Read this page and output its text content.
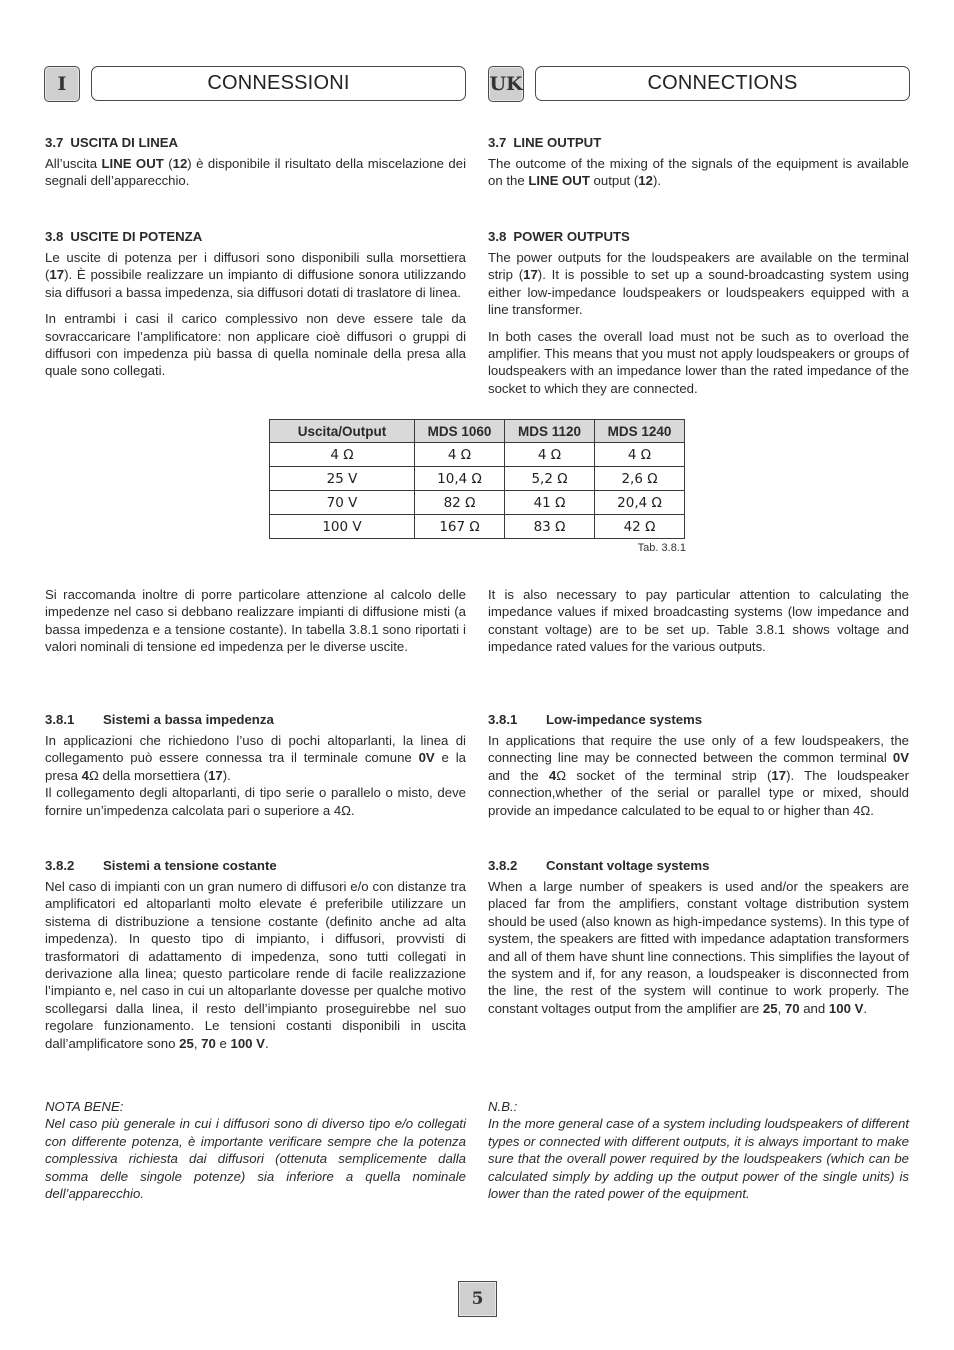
I	CONNESSIONI	UK	CONNECTIONS
3.7 USCITA DI LINEA

All’uscita LINE OUT (12) è disponibile il risultato della miscelazione dei segnali dell’apparecchio.

3.8 USCITE DI POTENZA

Le uscite di potenza per i diffusori sono disponibili sulla morsettiera (17). È possibile realizzare un impianto di diffusione sonora utilizzando sia diffusori a bassa impedenza, sia diffusori dotati di traslatore di linea.

In entrambi i casi il carico complessivo non deve essere tale da sovraccaricare l’amplificatore: non applicare cioè diffusori o gruppi di diffusori con impedenza più bassa di quella nominale della presa alla quale sono collegati.

Si raccomanda inoltre di porre particolare attenzione al calcolo delle impedenze nel caso si debbano realizzare impianti di diffusione misti (a bassa impedenza e a tensione costante). In tabella 3.8.1 sono riportati i valori nominali di tensione ed impedenza per le diverse uscite.

3.8.1 Sistemi a bassa impedenza

In applicazioni che richiedono l’uso di pochi altoparlanti, la linea di collegamento può essere connessa tra il terminale comune 0V e la presa 4Ω della morsettiera (17).
Il collegamento degli altoparlanti, di tipo serie o parallelo o misto, deve fornire un’impedenza calcolata pari o superiore a 4Ω.

3.8.2 Sistemi a tensione costante

Nel caso di impianti con un gran numero di diffusori e/o con distanze tra amplificatori ed altoparlanti molto elevate é preferibile utilizzare un sistema di distribuzione a tensione costante (definito anche ad alta impedenza). In questo tipo di impianto, i diffusori, provvisti di trasformatori di adattamento di impedenza, sono tutti collegati in derivazione alla linea; questo particolare rende di facile realizzazione l’impianto e, nel caso in cui un altoparlante dovesse per qualche motivo scollegarsi dalla linea, il resto dell’impianto proseguirebbe nel suo regolare funzionamento. Le tensioni costanti disponibili in uscita dall’amplificatore sono 25, 70 e 100 V.

NOTA BENE:

Nel caso più generale in cui i diffusori sono di diverso tipo e/o collegati con differente potenza, è importante verificare sempre che la potenza complessiva richiesta dai diffusori (ottenuta semplicemente dalla somma delle singole potenze) sia inferiore a quella nominale dell’apparecchio.

3.7 LINE OUTPUT

The outcome of the mixing of the signals of the equipment is available on the LINE OUT output (12).

3.8 POWER OUTPUTS

The power outputs for the loudspeakers are available on the terminal strip (17). It is possible to set up a sound-broadcasting system using either low-impedance loudspeakers or loudspeakers equipped with a line transformer.

In both cases the overall load must not be such as to overload the amplifier. This means that you must not apply loudspeakers or groups of loudspeakers with an impedance lower than the rated impedance of the socket to which they are connected.

It is also necessary to pay particular attention to calculating the impedance values if mixed broadcasting systems (low impedance and constant voltage) are to be set up. Table 3.8.1 shows voltage and impedance rated values for the various outputs.

3.8.1 Low-impedance systems

In applications that require the use only of a few loudspeakers, the connecting line may be connected between the common terminal 0V and the 4Ω socket of the terminal strip (17). The loudspeaker connection,whether of the serial or parallel type or mixed, should provide an impedance calculated to be equal to or higher than 4Ω.

3.8.2 Constant voltage systems

When a large number of speakers is used and/or the speakers are placed far from the amplifiers, constant voltage distribution system should be used (also known as high-impedance systems). In this type of system, the speakers are fitted with impedance adaptation transformers and all of them have shunt line connections. This simplifies the layout of the system and if, for any reason, a loudspeaker is disconnected from the line, the rest of the system will continue to work properly. The constant voltages output from the amplifier are 25, 70 and 100 V.

N.B.:

In the more general case of a system including loudspeakers of different types or connected with different outputs, it is always important to make sure that the overall power required by the loudspeakers (which can be calculated simply by adding up the output power of the single units) is lower than the rated power of the equipment.

Uscita/Output	MDS 1060	MDS 1120	MDS 1240
4 Ω	4 Ω	4 Ω	4 Ω
25 V	10,4 Ω	5,2 Ω	2,6 Ω
70 V	82 Ω	41 Ω	20,4 Ω
100 V	167 Ω	83 Ω	42 Ω
Tab. 3.8.1
5
